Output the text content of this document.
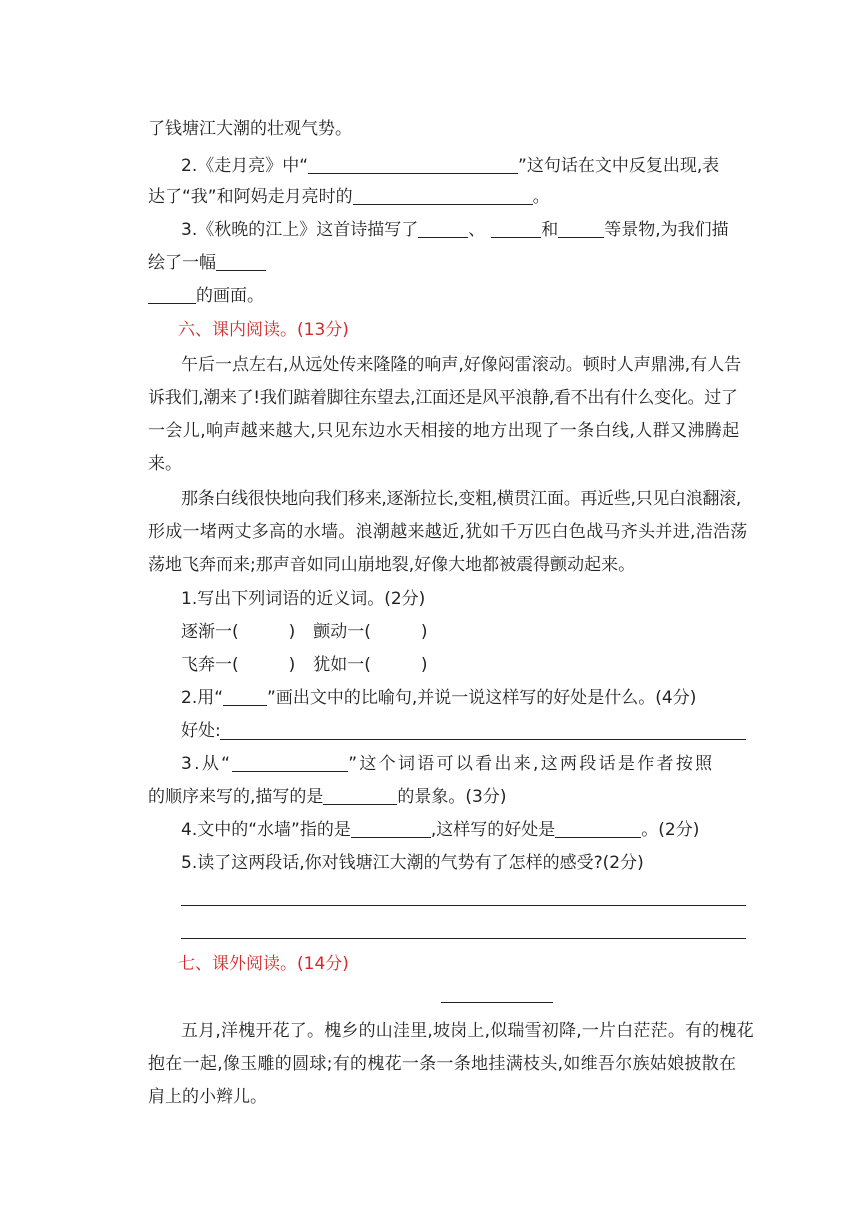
了钱塘江大潮的壮观气势。
2.《走月亮》中“	”这句话在文中反复出现,表
达了“我”和阿妈走月亮时的	。
3.《秋晚的江上》这首诗描写了	、	和	等景物,为我们描
绘了一幅
的画面。
六、课内阅读。(13分)
午后一点左右,从远处传来隆隆的响声,好像闷雷滚动。顿时人声鼎沸,有人告
诉我们,潮来了!我们踮着脚往东望去,江面还是风平浪静,看不出有什么变化。过了
一会儿,响声越来越大,只见东边水天相接的地方出现了一条白线,人群又沸腾起
来。
那条白线很快地向我们移来,逐渐拉长,变粗,横贯江面。再近些,只见白浪翻滚,
形成一堵两丈多高的水墙。浪潮越来越近,犹如千万匹白色战马齐头并进,浩浩荡
荡地飞奔而来;那声音如同山崩地裂,好像大地都被震得颤动起来。
1.写出下列词语的近义词。(2分)
逐渐一(	) 颤动一(	)
飞奔一(	) 犹如一(	)
2.用“	”画出文中的比喻句,并说一说这样写的好处是什么。(4分)
好处:
3.从“	”这个词语可以看出来,这两段话是作者按照
的顺序来写的,描写的是	的景象。(3分)
4.文中的“水墙”指的是	,这样写的好处是	。(2分)
5.读了这两段话,你对钱塘江大潮的气势有了怎样的感受?(2分)
七、课外阅读。(14分)
五月,洋槐开花了。槐乡的山洼里,坡岗上,似瑞雪初降,一片白茫茫。有的槐花
抱在一起,像玉雕的圆球;有的槐花一条一条地挂满枝头,如维吾尔族姑娘披散在
肩上的小辫儿。
